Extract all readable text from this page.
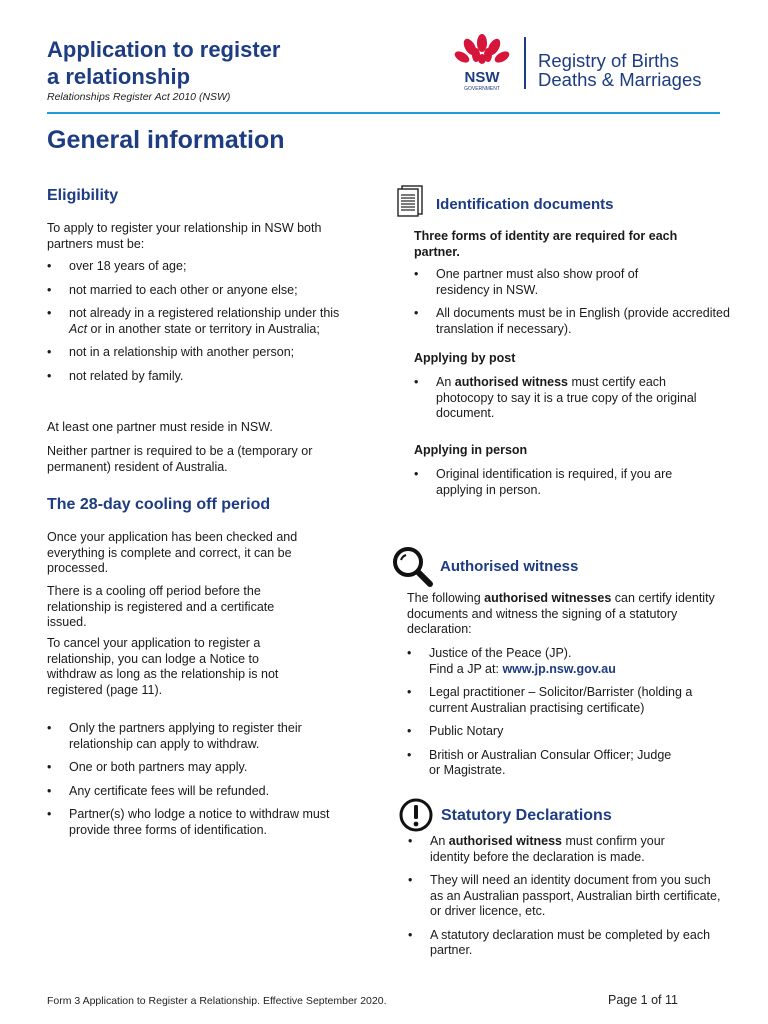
Application to register
a relationship
Relationships Register Act 2010 (NSW)
NSW
GOVERNMENT
Registry of Births
Deaths & Marriages
General information
Eligibility

To apply to register your relationship in NSW both partners must be:

• over 18 years of age;
• not married to each other or anyone else;
• not already in a registered relationship under this Act or in another state or territory in Australia;
• not in a relationship with another person;
• not related by family.

At least one partner must reside in NSW.

Neither partner is required to be a (temporary or permanent) resident of Australia.

The 28-day cooling off period

Once your application has been checked and everything is complete and correct, it can be processed.

There is a cooling off period before the relationship is registered and a certificate issued.

To cancel your application to register a relationship, you can lodge a Notice to withdraw as long as the relationship is not registered (page 11).

• Only the partners applying to register their relationship can apply to withdraw.
• One or both partners may apply.
• Any certificate fees will be refunded.
• Partner(s) who lodge a notice to withdraw must provide three forms of identification.
Identification documents

Three forms of identity are required for each partner.

• One partner must also show proof of residency in NSW.
• All documents must be in English (provide accredited translation if necessary).

Applying by post

• An authorised witness must certify each photocopy to say it is a true copy of the original document.

Applying in person

• Original identification is required, if you are applying in person.
Authorised witness

The following authorised witnesses can certify identity documents and witness the signing of a statutory declaration:

• Justice of the Peace (JP).
Find a JP at: www.jp.nsw.gov.au
• Legal practitioner – Solicitor/Barrister (holding a current Australian practising certificate)
• Public Notary
• British or Australian Consular Officer; Judge or Magistrate.
Statutory Declarations
• An authorised witness must confirm your identity before the declaration is made.
• They will need an identity document from you such as an Australian passport, Australian birth certificate, or driver licence, etc.
• A statutory declaration must be completed by each partner.
Form 3 Application to Register a Relationship. Effective September 2020.	Page 1 of 11
